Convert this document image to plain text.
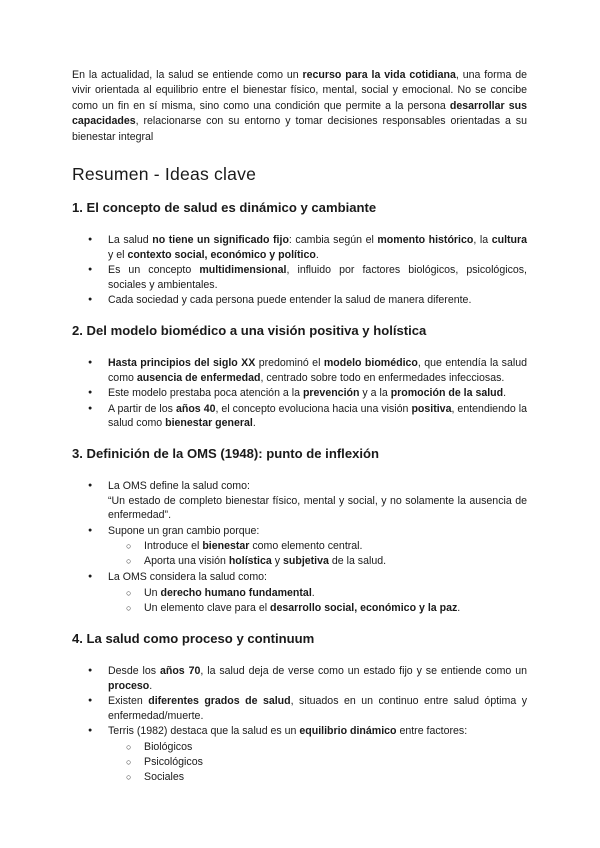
En la actualidad, la salud se entiende como un recurso para la vida cotidiana, una forma de vivir orientada al equilibrio entre el bienestar físico, mental, social y emocional. No se concibe como un fin en sí misma, sino como una condición que permite a la persona desarrollar sus capacidades, relacionarse con su entorno y tomar decisiones responsables orientadas a su bienestar integral

Resumen - Ideas clave
1. El concepto de salud es dinámico y cambiante
● La salud no tiene un significado fijo: cambia según el momento histórico, la cultura y el contexto social, económico y político.
● Es un concepto multidimensional, influido por factores biológicos, psicológicos, sociales y ambientales.
● Cada sociedad y cada persona puede entender la salud de manera diferente.
2. Del modelo biomédico a una visión positiva y holística
● Hasta principios del siglo XX predominó el modelo biomédico, que entendía la salud como ausencia de enfermedad, centrado sobre todo en enfermedades infecciosas.
● Este modelo prestaba poca atención a la prevención y a la promoción de la salud.
● A partir de los años 40, el concepto evoluciona hacia una visión positiva, entendiendo la salud como bienestar general.
3. Definición de la OMS (1948): punto de inflexión
● La OMS define la salud como:
“Un estado de completo bienestar físico, mental y social, y no solamente la ausencia de enfermedad”.
● Supone un gran cambio porque:
○ Introduce el bienestar como elemento central.
○ Aporta una visión holística y subjetiva de la salud.
● La OMS considera la salud como:
○ Un derecho humano fundamental.
○ Un elemento clave para el desarrollo social, económico y la paz.
4. La salud como proceso y continuum
● Desde los años 70, la salud deja de verse como un estado fijo y se entiende como un proceso.
● Existen diferentes grados de salud, situados en un continuo entre salud óptima y enfermedad/muerte.
● Terris (1982) destaca que la salud es un equilibrio dinámico entre factores:
○ Biológicos
○ Psicológicos
○ Sociales
